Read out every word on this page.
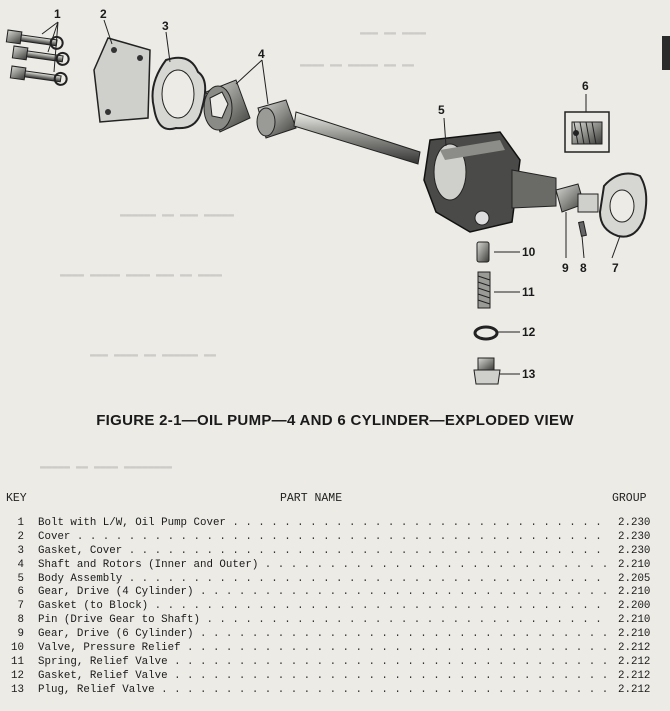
▬▬▬ ▬▬ ▬▬▬▬
▬▬▬▬ ▬▬ ▬▬▬▬▬ ▬▬ ▬▬
▬▬▬▬▬▬ ▬▬ ▬▬▬ ▬▬▬▬▬
▬▬▬▬ ▬▬▬▬▬ ▬▬▬▬ ▬▬▬ ▬▬ ▬▬▬▬
▬▬▬ ▬▬▬▬ ▬▬ ▬▬▬▬▬▬ ▬▬
▬▬▬▬▬ ▬▬ ▬▬▬▬ ▬▬▬▬▬▬▬▬
1	2
3
4
5
6
7
8
9
10
11
12
13
FIGURE 2-1—OIL PUMP—4 AND 6 CYLINDER—EXPLODED VIEW
KEY	PART NAME	GROUP
1 Bolt with L/W, Oil Pump Cover . . .	2.230
2 Cover . . .	2.230
3 Gasket, Cover . . .	2.230
4 Shaft and Rotors (Inner and Outer) . . .	2.210
5 Body Assembly . . .	2.205
6 Gear, Drive (4 Cylinder) . . .	2.210
7 Gasket (to Block) . . .	2.200
8 Pin (Drive Gear to Shaft) . . .	2.210
9 Gear, Drive (6 Cylinder) . . .	2.210
10 Valve, Pressure Relief . . .	2.212
11 Spring, Relief Valve . . .	2.212
12 Gasket, Relief Valve . . .	2.212
13 Plug, Relief Valve . . .	2.212
